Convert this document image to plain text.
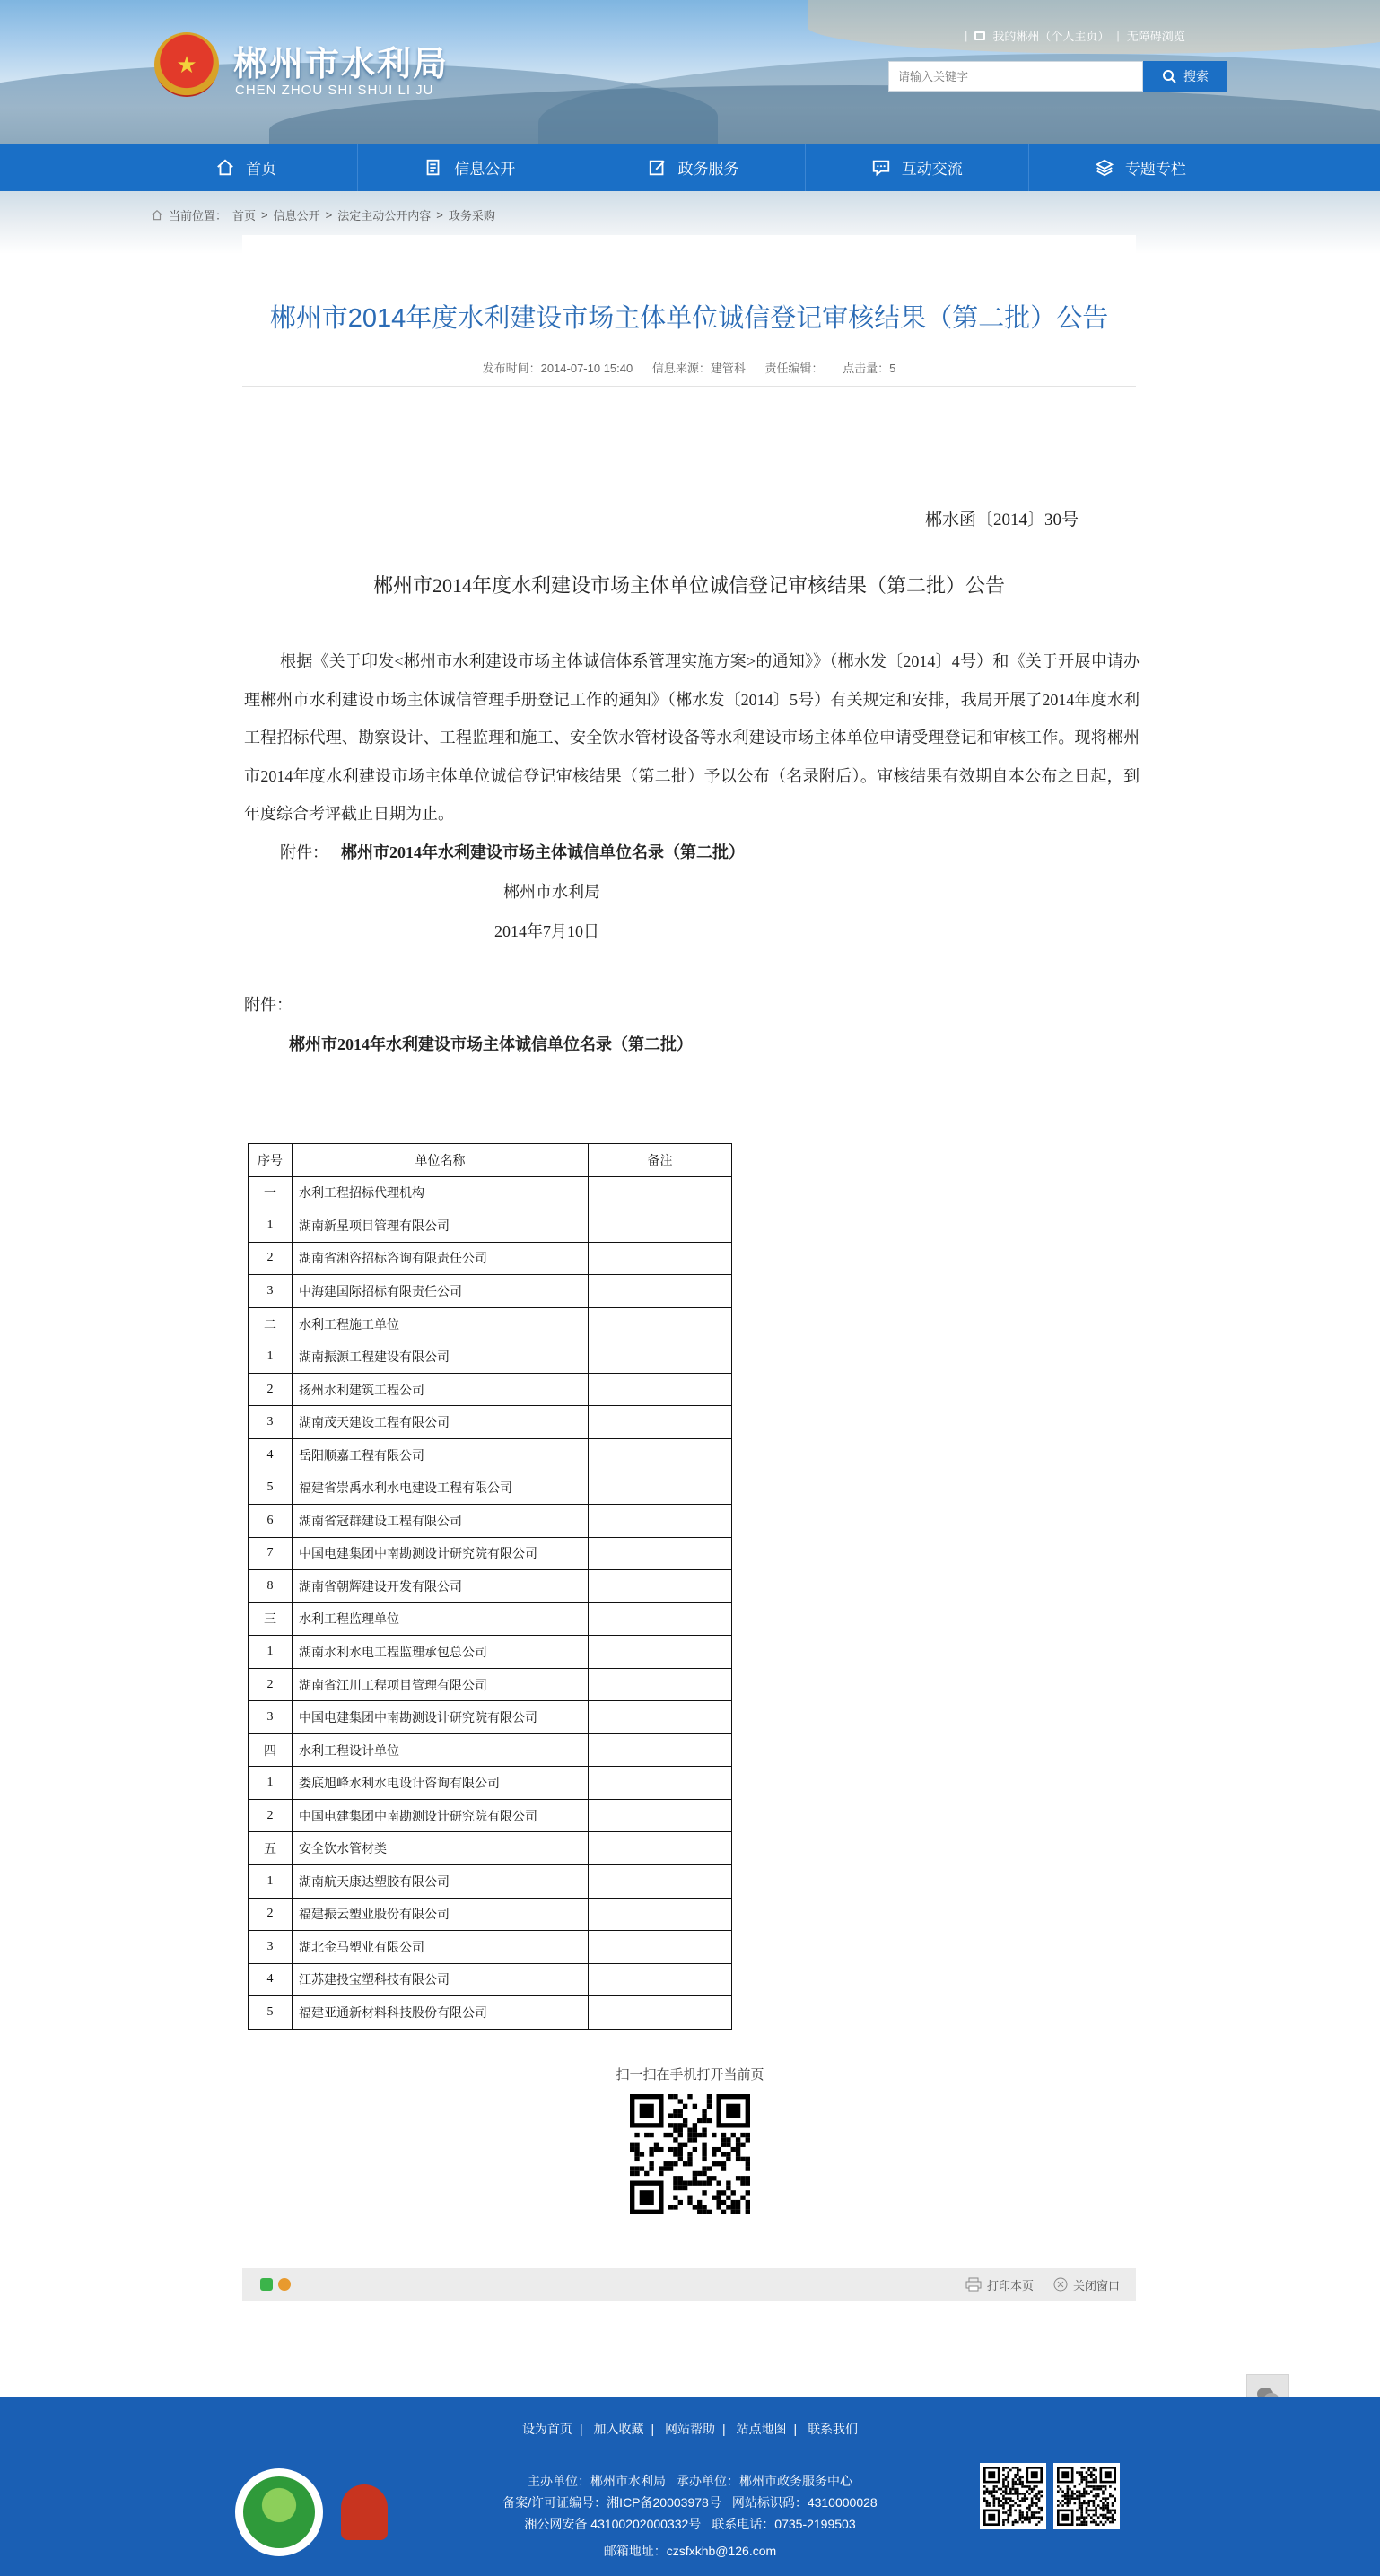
★	郴州市水利局
CHEN ZHOU SHI SHUI LI JU
| 我的郴州（个人主页） | 无障碍浏览
请输入关键字
搜索
首页	信息公开	政务服务	互动交流	专题专栏
当前位置： 首页 > 信息公开 > 法定主动公开内容 > 政务采购
郴州市2014年度水利建设市场主体单位诚信登记审核结果（第二批）公告
发布时间：2014-07-10 15:40 信息来源：建管科 责任编辑： 点击量：5
郴水函〔2014〕30号
郴州市2014年度水利建设市场主体单位诚信登记审核结果（第二批）公告
根据《关于印发<郴州市水利建设市场主体诚信体系管理实施方案>的通知》》（郴水发〔2014〕4号）和《关于开展申请办理郴州市水利建设市场主体诚信管理手册登记工作的通知》（郴水发〔2014〕5号）有关规定和安排，我局开展了2014年度水利工程招标代理、勘察设计、工程监理和施工、安全饮水管材设备等水利建设市场主体单位申请受理登记和审核工作。现将郴州市2014年度水利建设市场主体单位诚信登记审核结果（第二批）予以公布（名录附后）。审核结果有效期自本公布之日起，到年度综合考评截止日期为止。
附件： 郴州市2014年水利建设市场主体诚信单位名录（第二批）
郴州市水利局
2014年7月10日
附件：
郴州市2014年水利建设市场主体诚信单位名录（第二批）
序号	单位名称	备注
一	水利工程招标代理机构	
1	湖南新星项目管理有限公司	
2	湖南省湘咨招标咨询有限责任公司	
3	中海建国际招标有限责任公司	
二	水利工程施工单位	
1	湖南振源工程建设有限公司	
2	扬州水利建筑工程公司	
3	湖南茂天建设工程有限公司	
4	岳阳顺嘉工程有限公司	
5	福建省崇禹水利水电建设工程有限公司	
6	湖南省冠群建设工程有限公司	
7	中国电建集团中南勘测设计研究院有限公司	
8	湖南省朝辉建设开发有限公司	
三	水利工程监理单位	
1	湖南水利水电工程监理承包总公司	
2	湖南省江川工程项目管理有限公司	
3	中国电建集团中南勘测设计研究院有限公司	
四	水利工程设计单位	
1	娄底旭峰水利水电设计咨询有限公司	
2	中国电建集团中南勘测设计研究院有限公司	
五	安全饮水管材类	
1	湖南航天康达塑胶有限公司	
2	福建振云塑业股份有限公司	
3	湖北金马塑业有限公司	
4	江苏建投宝塑科技有限公司	
5	福建亚通新材料科技股份有限公司	
扫一扫在手机打开当前页
打印本页	关闭窗口
设为首页 | 加入收藏 | 网站帮助 | 站点地图 | 联系我们
主办单位：郴州市水利局 承办单位：郴州市政务服务中心
备案/许可证编号：湘ICP备20003978号 网站标识码：4310000028
湘公网安备 43100202000332号 联系电话：0735-2199503
邮箱地址：czsfxkhb@126.com
